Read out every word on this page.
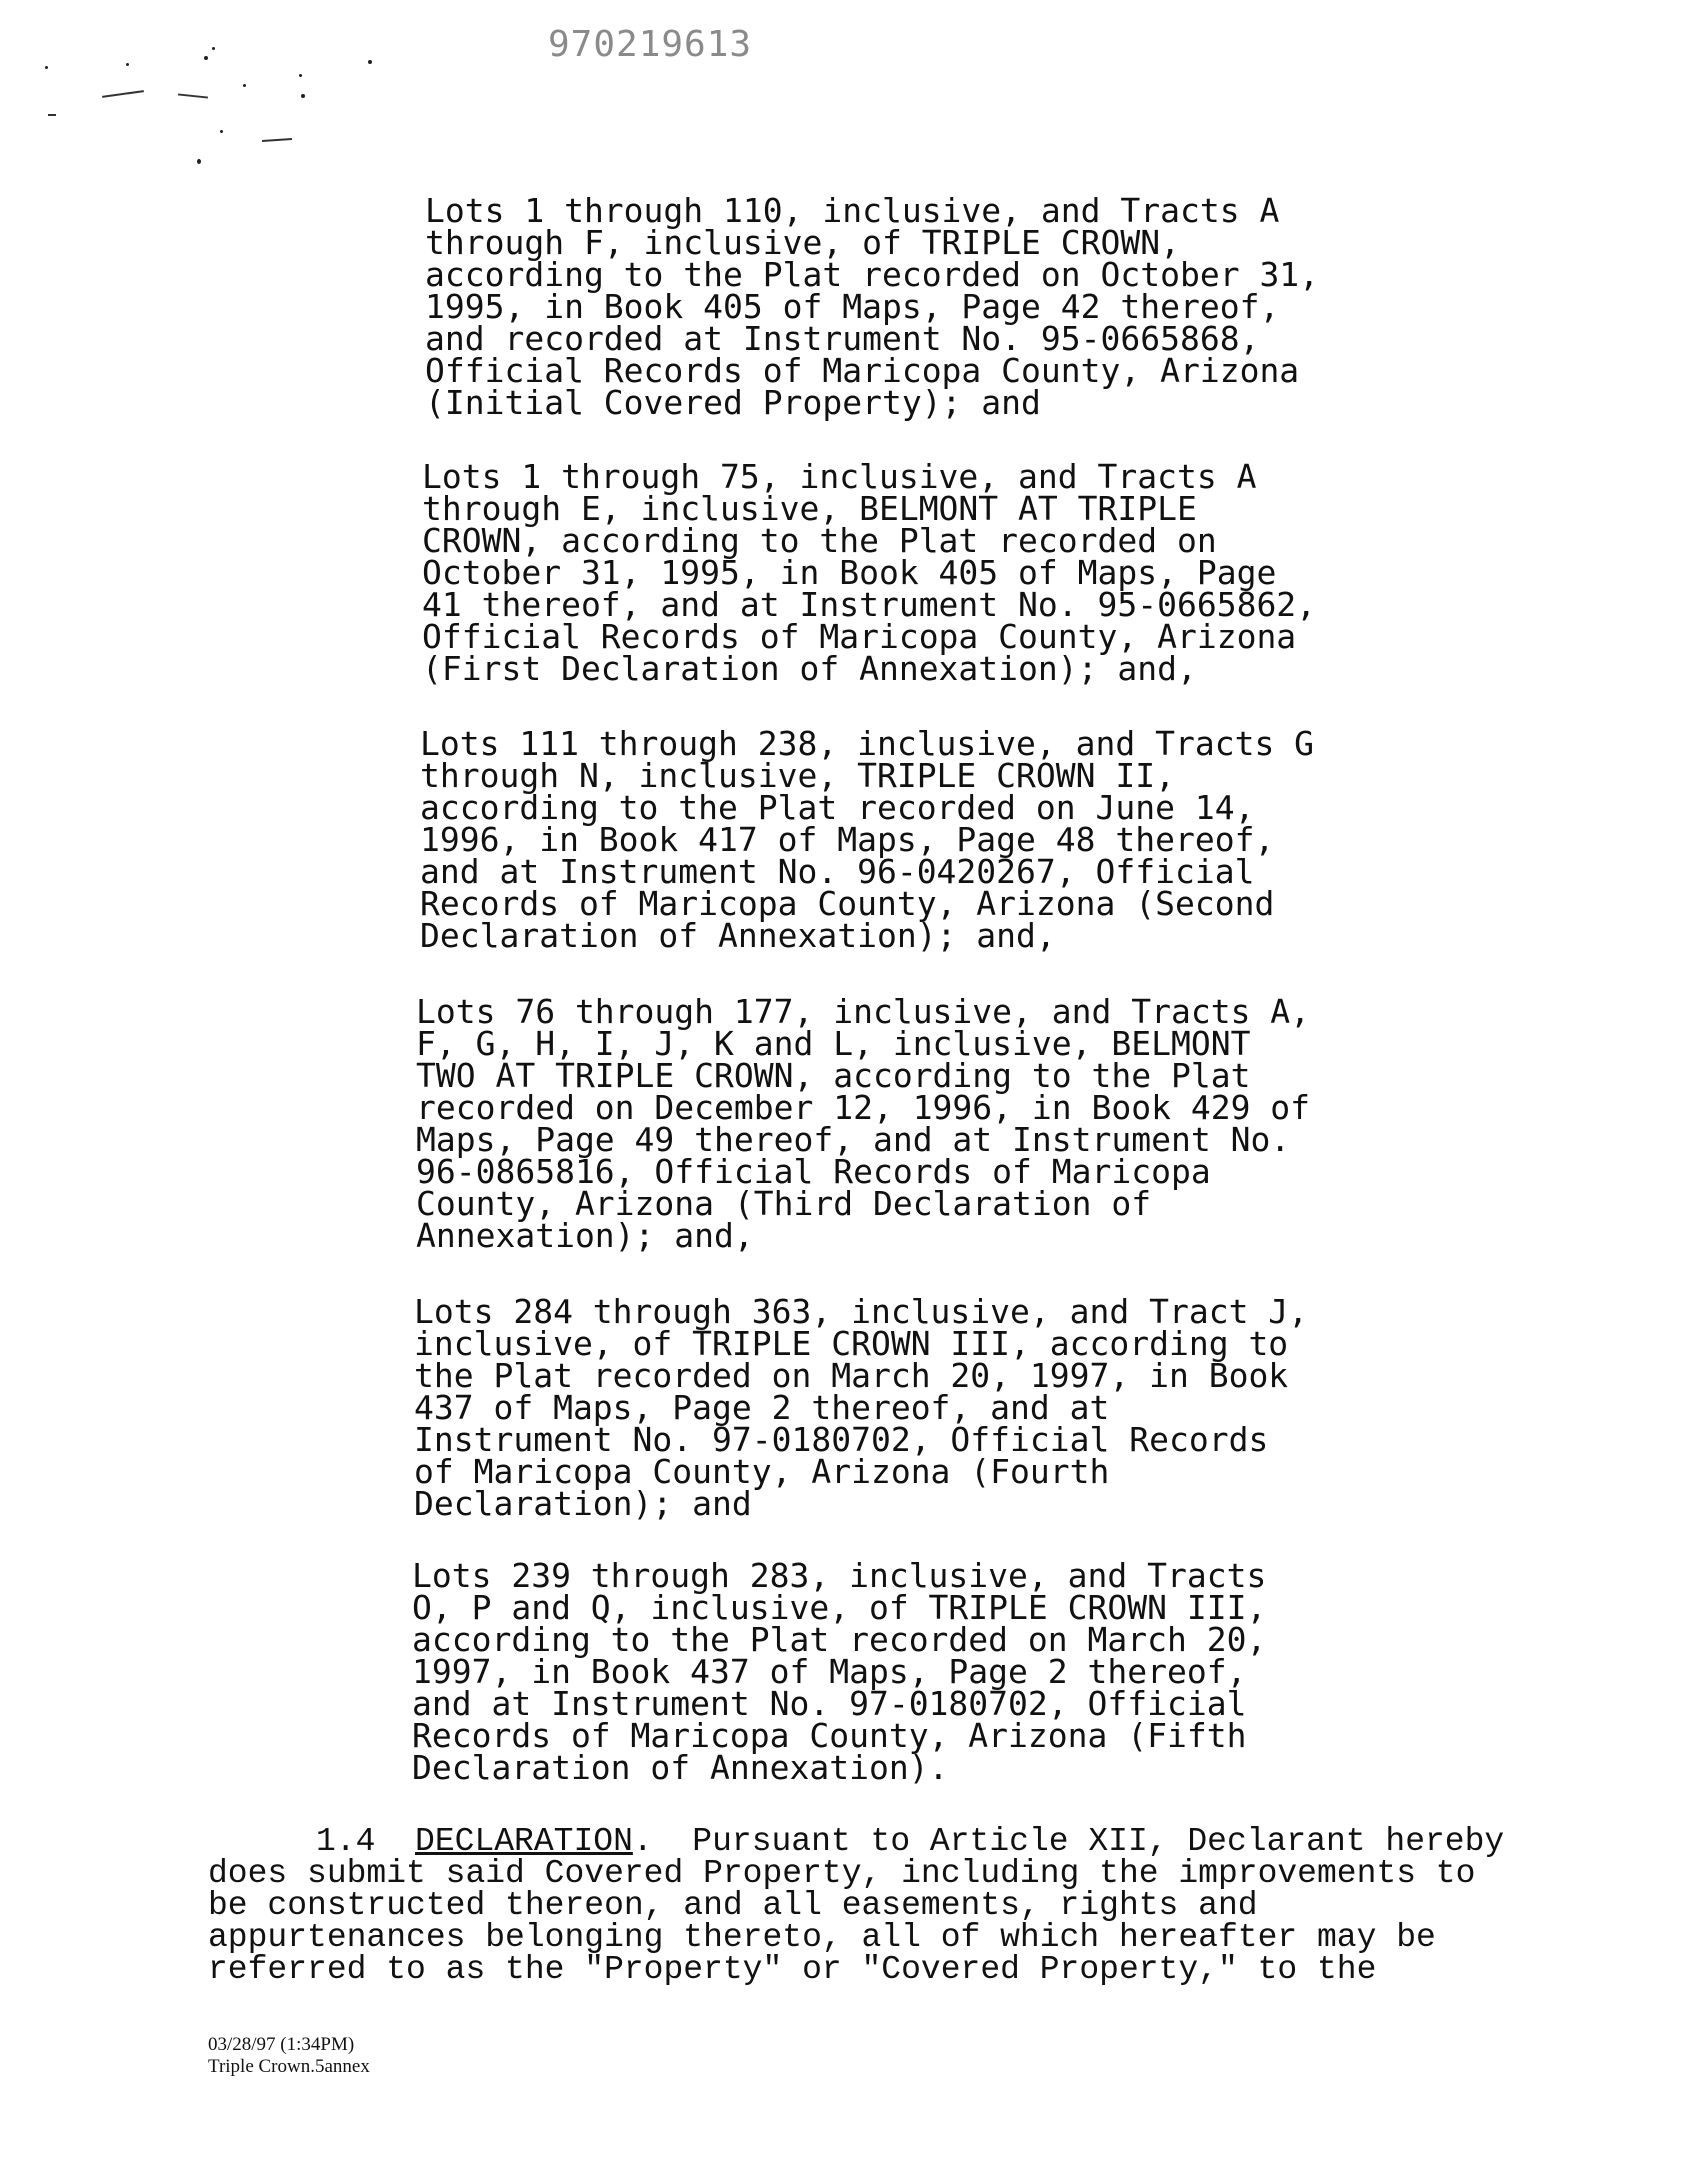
970219613
Lots 1 through 110, inclusive, and Tracts A
through F, inclusive, of TRIPLE CROWN,
according to the Plat recorded on October 31,
1995, in Book 405 of Maps, Page 42 thereof,
and recorded at Instrument No. 95-0665868,
Official Records of Maricopa County, Arizona
(Initial Covered Property); and
Lots 1 through 75, inclusive, and Tracts A
through E, inclusive, BELMONT AT TRIPLE
CROWN, according to the Plat recorded on
October 31, 1995, in Book 405 of Maps, Page
41 thereof, and at Instrument No. 95-0665862,
Official Records of Maricopa County, Arizona
(First Declaration of Annexation); and,
Lots 111 through 238, inclusive, and Tracts G
through N, inclusive, TRIPLE CROWN II,
according to the Plat recorded on June 14,
1996, in Book 417 of Maps, Page 48 thereof,
and at Instrument No. 96-0420267, Official
Records of Maricopa County, Arizona (Second
Declaration of Annexation); and,
Lots 76 through 177, inclusive, and Tracts A,
F, G, H, I, J, K and L, inclusive, BELMONT
TWO AT TRIPLE CROWN, according to the Plat
recorded on December 12, 1996, in Book 429 of
Maps, Page 49 thereof, and at Instrument No.
96-0865816, Official Records of Maricopa
County, Arizona (Third Declaration of
Annexation); and,
Lots 284 through 363, inclusive, and Tract J,
inclusive, of TRIPLE CROWN III, according to
the Plat recorded on March 20, 1997, in Book
437 of Maps, Page 2 thereof, and at
Instrument No. 97-0180702, Official Records
of Maricopa County, Arizona (Fourth
Declaration); and
Lots 239 through 283, inclusive, and Tracts
O, P and Q, inclusive, of TRIPLE CROWN III,
according to the Plat recorded on March 20,
1997, in Book 437 of Maps, Page 2 thereof,
and at Instrument No. 97-0180702, Official
Records of Maricopa County, Arizona (Fifth
Declaration of Annexation).
1.4 DECLARATION.  Pursuant to Article XII, Declarant hereby
does submit said Covered Property, including the improvements to
be constructed thereon, and all easements, rights and
appurtenances belonging thereto, all of which hereafter may be
referred to as the "Property" or "Covered Property," to the
03/28/97 (1:34PM)
Triple Crown.5annex
